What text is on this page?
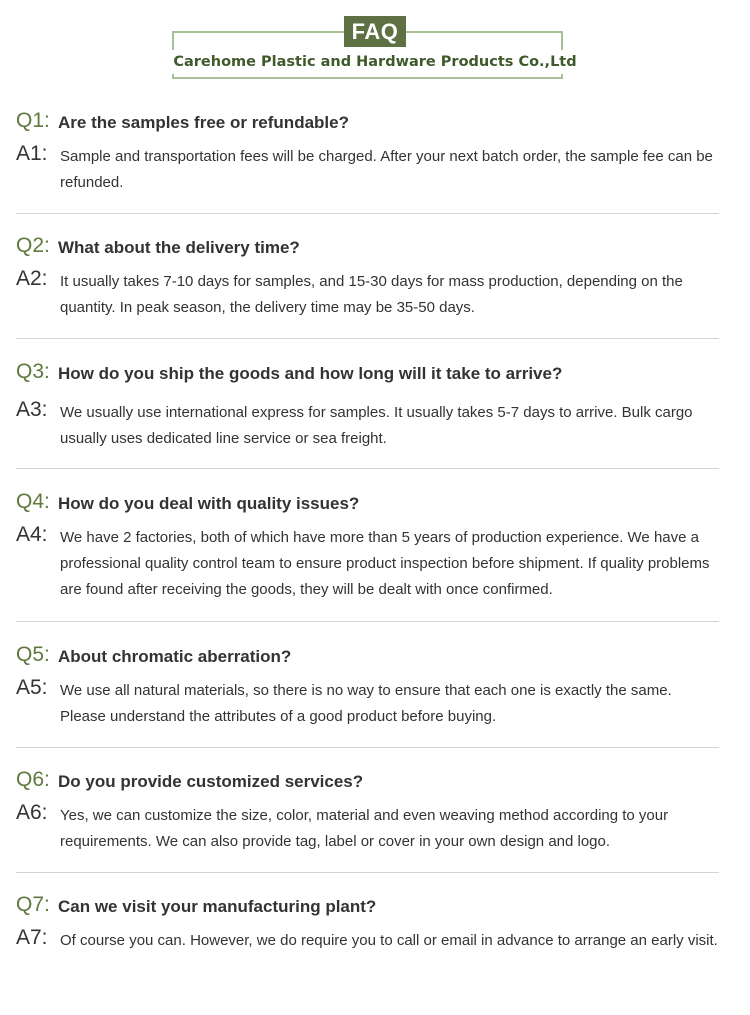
FAQ
Carehome Plastic and Hardware Products Co.,Ltd
Q1: Are the samples free or refundable?
A1: Sample and transportation fees will be charged. After your next batch order, the sample fee can be refunded.
Q2: What about the delivery time?
A2: It usually takes 7-10 days for samples, and 15-30 days for mass production, depending on the quantity. In peak season, the delivery time may be 35-50 days.
Q3: How do you ship the goods and how long will it take to arrive?
A3: We usually use international express for samples. It usually takes 5-7 days to arrive. Bulk cargo usually uses dedicated line service or sea freight.
Q4: How do you deal with quality issues?
A4: We have 2 factories, both of which have more than 5 years of production experience. We have a professional quality control team to ensure product inspection before shipment. If quality problems are found after receiving the goods, they will be dealt with once confirmed.
Q5: About chromatic aberration?
A5: We use all natural materials, so there is no way to ensure that each one is exactly the same. Please understand the attributes of a good product before buying.
Q6: Do you provide customized services?
A6: Yes, we can customize the size, color, material and even weaving method according to your requirements. We can also provide tag, label or cover in your own design and logo.
Q7: Can we visit your manufacturing plant?
A7: Of course you can. However, we do require you to call or email in advance to arrange an early visit.
